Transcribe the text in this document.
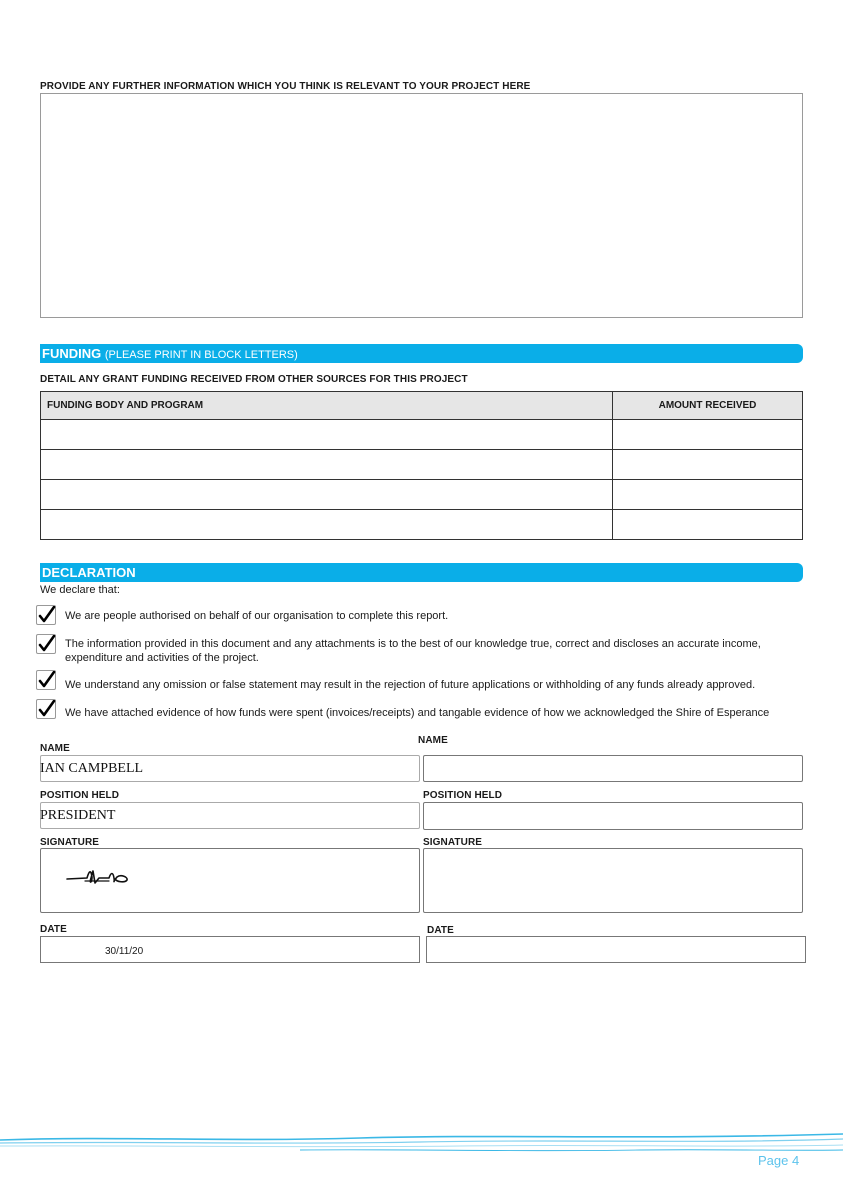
PROVIDE ANY FURTHER INFORMATION WHICH YOU THINK IS RELEVANT TO YOUR PROJECT HERE
FUNDING (PLEASE PRINT IN BLOCK LETTERS)
DETAIL ANY GRANT FUNDING RECEIVED FROM OTHER SOURCES FOR THIS PROJECT
FUNDING BODY AND PROGRAM	AMOUNT RECEIVED

DECLARATION
We declare that:
We are people authorised on behalf of our organisation to complete this report.
The information provided in this document and any attachments is to the best of our knowledge true, correct and discloses an accurate income, expenditure and activities of the project.
We understand any omission or false statement may result in the rejection of future applications or withholding of any funds already approved.
We have attached evidence of how funds were spent (invoices/receipts) and tangable evidence of how we acknowledged the Shire of Esperance
NAME
IAN CAMPBELL
POSITION HELD
PRESIDENT
SIGNATURE
DATE
30/11/20
NAME
POSITION HELD
SIGNATURE
DATE
Page 4
